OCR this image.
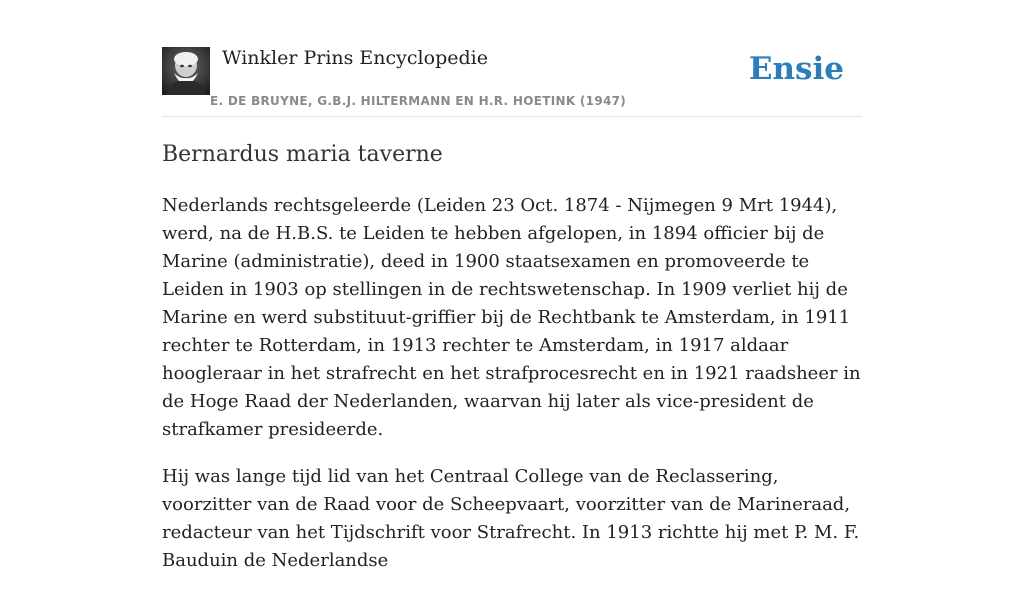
Winkler Prins Encyclopedie
E. DE BRUYNE, G.B.J. HILTERMANN EN H.R. HOETINK (1947)
Ensie
Bernardus maria taverne

Nederlands rechtsgeleerde (Leiden 23 Oct. 1874 - Nijmegen 9 Mrt 1944), werd, na de H.B.S. te Leiden te hebben afgelopen, in 1894 officier bij de Marine (administratie), deed in 1900 staatsexamen en promoveerde te Leiden in 1903 op stellingen in de rechtswetenschap. In 1909 verliet hij de Marine en werd substituut-griffier bij de Rechtbank te Amsterdam, in 1911 rechter te Rotterdam, in 1913 rechter te Amsterdam, in 1917 aldaar hoogleraar in het strafrecht en het strafprocesrecht en in 1921 raadsheer in de Hoge Raad der Nederlanden, waarvan hij later als vice-president de strafkamer presideerde.

Hij was lange tijd lid van het Centraal College van de Reclassering, voorzitter van de Raad voor de Scheepvaart, voorzitter van de Marineraad, redacteur van het Tijdschrift voor Strafrecht. In 1913 richtte hij met P. M. F. Bauduin de Nederlandse
